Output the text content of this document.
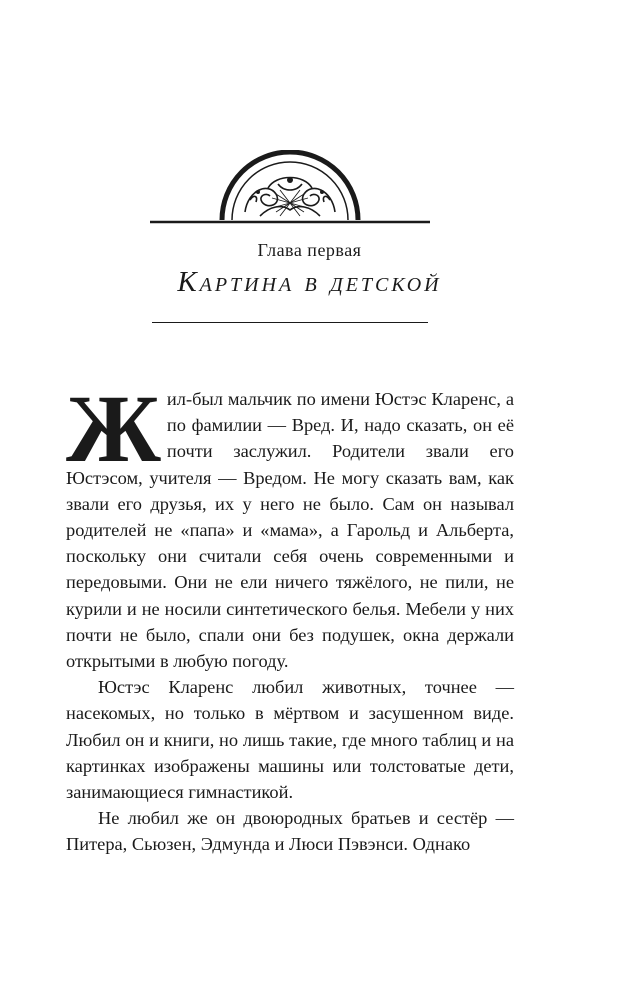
Глава первая
Картина в детской

Жил-был мальчик по имени Юстэс Кларенс, а по фамилии — Вред. И, надо сказать, он её почти заслужил. Родители звали его Юстэсом, учителя — Вредом. Не могу сказать вам, как звали его друзья, их у него не было. Сам он называл родителей не «папа» и «мама», а Гарольд и Альберта, поскольку они считали себя очень современными и передовыми. Они не ели ничего тяжёлого, не пили, не курили и не носили синтетического белья. Мебели у них почти не было, спали они без подушек, окна держали открытыми в любую погоду.

Юстэс Кларенс любил животных, точнее — насекомых, но только в мёртвом и засушенном виде. Любил он и книги, но лишь такие, где много таблиц и на картинках изображены машины или толстоватые дети, занимающиеся гимнастикой.

Не любил же он двоюродных братьев и сестёр — Питера, Сьюзен, Эдмунда и Люси Пэвэнси. Однако
